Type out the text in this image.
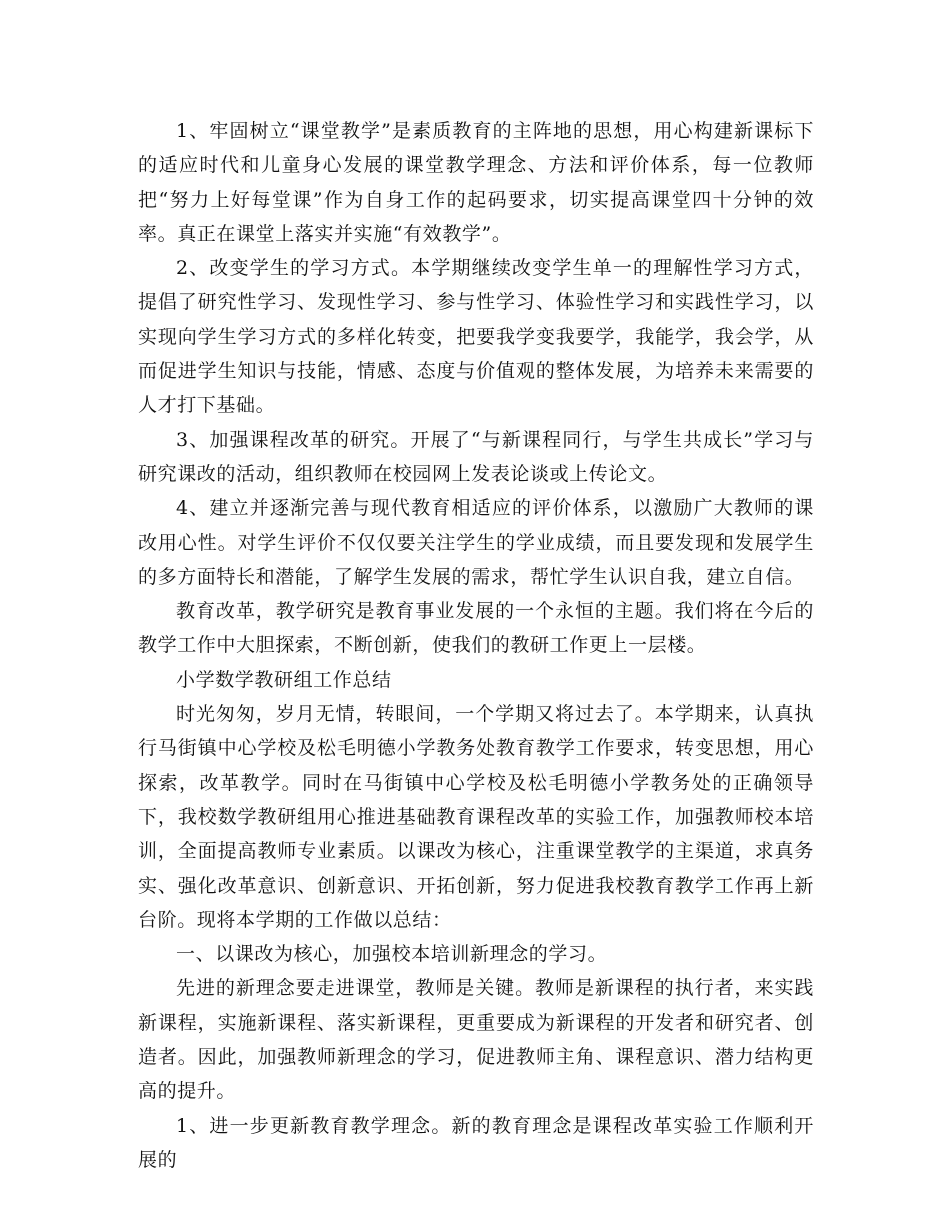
1、牢固树立“课堂教学”是素质教育的主阵地的思想，用心构建新课标下的适应时代和儿童身心发展的课堂教学理念、方法和评价体系，每一位教师把“努力上好每堂课”作为自身工作的起码要求，切实提高课堂四十分钟的效率。真正在课堂上落实并实施“有效教学”。

2、改变学生的学习方式。本学期继续改变学生单一的理解性学习方式，提倡了研究性学习、发现性学习、参与性学习、体验性学习和实践性学习，以实现向学生学习方式的多样化转变，把要我学变我要学，我能学，我会学，从而促进学生知识与技能，情感、态度与价值观的整体发展，为培养未来需要的人才打下基础。

3、加强课程改革的研究。开展了“与新课程同行，与学生共成长”学习与研究课改的活动，组织教师在校园网上发表论谈或上传论文。

4、建立并逐渐完善与现代教育相适应的评价体系，以激励广大教师的课改用心性。对学生评价不仅仅要关注学生的学业成绩，而且要发现和发展学生的多方面特长和潜能，了解学生发展的需求，帮忙学生认识自我，建立自信。

教育改革，教学研究是教育事业发展的一个永恒的主题。我们将在今后的教学工作中大胆探索，不断创新，使我们的教研工作更上一层楼。

小学数学教研组工作总结

时光匆匆，岁月无情，转眼间，一个学期又将过去了。本学期来，认真执行马街镇中心学校及松毛明德小学教务处教育教学工作要求，转变思想，用心探索，改革教学。同时在马街镇中心学校及松毛明德小学教务处的正确领导下，我校数学教研组用心推进基础教育课程改革的实验工作，加强教师校本培训，全面提高教师专业素质。以课改为核心，注重课堂教学的主渠道，求真务实、强化改革意识、创新意识、开拓创新，努力促进我校教育教学工作再上新台阶。现将本学期的工作做以总结：

一、以课改为核心，加强校本培训新理念的学习。

先进的新理念要走进课堂，教师是关键。教师是新课程的执行者，来实践新课程，实施新课程、落实新课程，更重要成为新课程的开发者和研究者、创造者。因此，加强教师新理念的学习，促进教师主角、课程意识、潜力结构更高的提升。

1、进一步更新教育教学理念。新的教育理念是课程改革实验工作顺利开展的
